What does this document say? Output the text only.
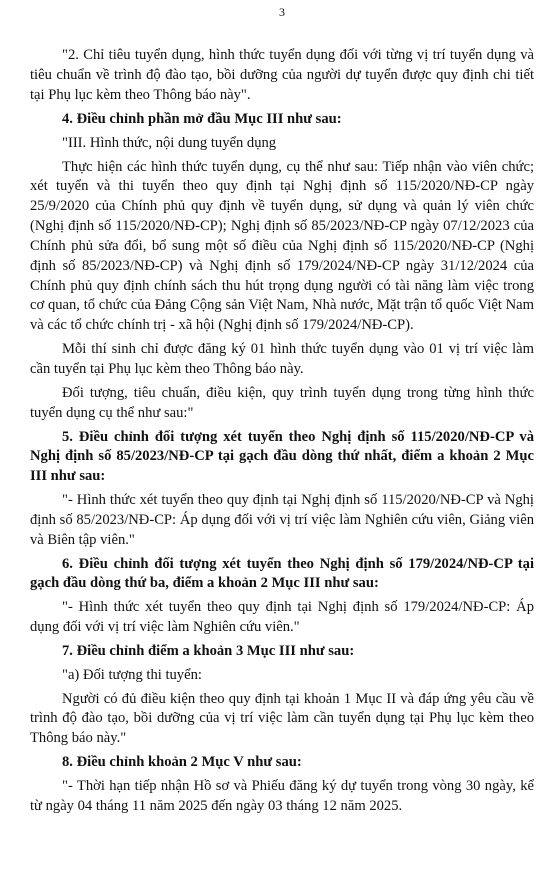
3

"2. Chỉ tiêu tuyển dụng, hình thức tuyển dụng đối với từng vị trí tuyển dụng và tiêu chuẩn về trình độ đào tạo, bồi dưỡng của người dự tuyển được quy định chi tiết tại Phụ lục kèm theo Thông báo này".

4. Điều chỉnh phần mở đầu Mục III như sau:

"III. Hình thức, nội dung tuyển dụng

Thực hiện các hình thức tuyển dụng, cụ thể như sau: Tiếp nhận vào viên chức; xét tuyển và thi tuyển theo quy định tại Nghị định số 115/2020/NĐ-CP ngày 25/9/2020 của Chính phủ quy định về tuyển dụng, sử dụng và quản lý viên chức (Nghị định số 115/2020/NĐ-CP); Nghị định số 85/2023/NĐ-CP ngày 07/12/2023 của Chính phủ sửa đổi, bổ sung một số điều của Nghị định số 115/2020/NĐ-CP (Nghị định số 85/2023/NĐ-CP) và Nghị định số 179/2024/NĐ-CP ngày 31/12/2024 của Chính phủ quy định chính sách thu hút trọng dụng người có tài năng làm việc trong cơ quan, tổ chức của Đảng Cộng sản Việt Nam, Nhà nước, Mặt trận tổ quốc Việt Nam và các tổ chức chính trị - xã hội (Nghị định số 179/2024/NĐ-CP).

Mỗi thí sinh chỉ được đăng ký 01 hình thức tuyển dụng vào 01 vị trí việc làm cần tuyển tại Phụ lục kèm theo Thông báo này.

Đối tượng, tiêu chuẩn, điều kiện, quy trình tuyển dụng trong từng hình thức tuyển dụng cụ thể như sau:"

5. Điều chỉnh đối tượng xét tuyển theo Nghị định số 115/2020/NĐ-CP và Nghị định số 85/2023/NĐ-CP tại gạch đầu dòng thứ nhất, điểm a khoản 2 Mục III như sau:

"- Hình thức xét tuyển theo quy định tại Nghị định số 115/2020/NĐ-CP và Nghị định số 85/2023/NĐ-CP: Áp dụng đối với vị trí việc làm Nghiên cứu viên, Giảng viên và Biên tập viên."

6. Điều chỉnh đối tượng xét tuyển theo Nghị định số 179/2024/NĐ-CP tại gạch đầu dòng thứ ba, điểm a khoản 2 Mục III như sau:

"- Hình thức xét tuyển theo quy định tại Nghị định số 179/2024/NĐ-CP: Áp dụng đối với vị trí việc làm Nghiên cứu viên."

7. Điều chỉnh điểm a khoản 3 Mục III như sau:

"a) Đối tượng thi tuyển:

Người có đủ điều kiện theo quy định tại khoản 1 Mục II và đáp ứng yêu cầu về trình độ đào tạo, bồi dưỡng của vị trí việc làm cần tuyển dụng tại Phụ lục kèm theo Thông báo này."

8. Điều chỉnh khoản 2 Mục V như sau:

"- Thời hạn tiếp nhận Hồ sơ và Phiếu đăng ký dự tuyển trong vòng 30 ngày, kể từ ngày 04 tháng 11 năm 2025 đến ngày 03 tháng 12 năm 2025.
